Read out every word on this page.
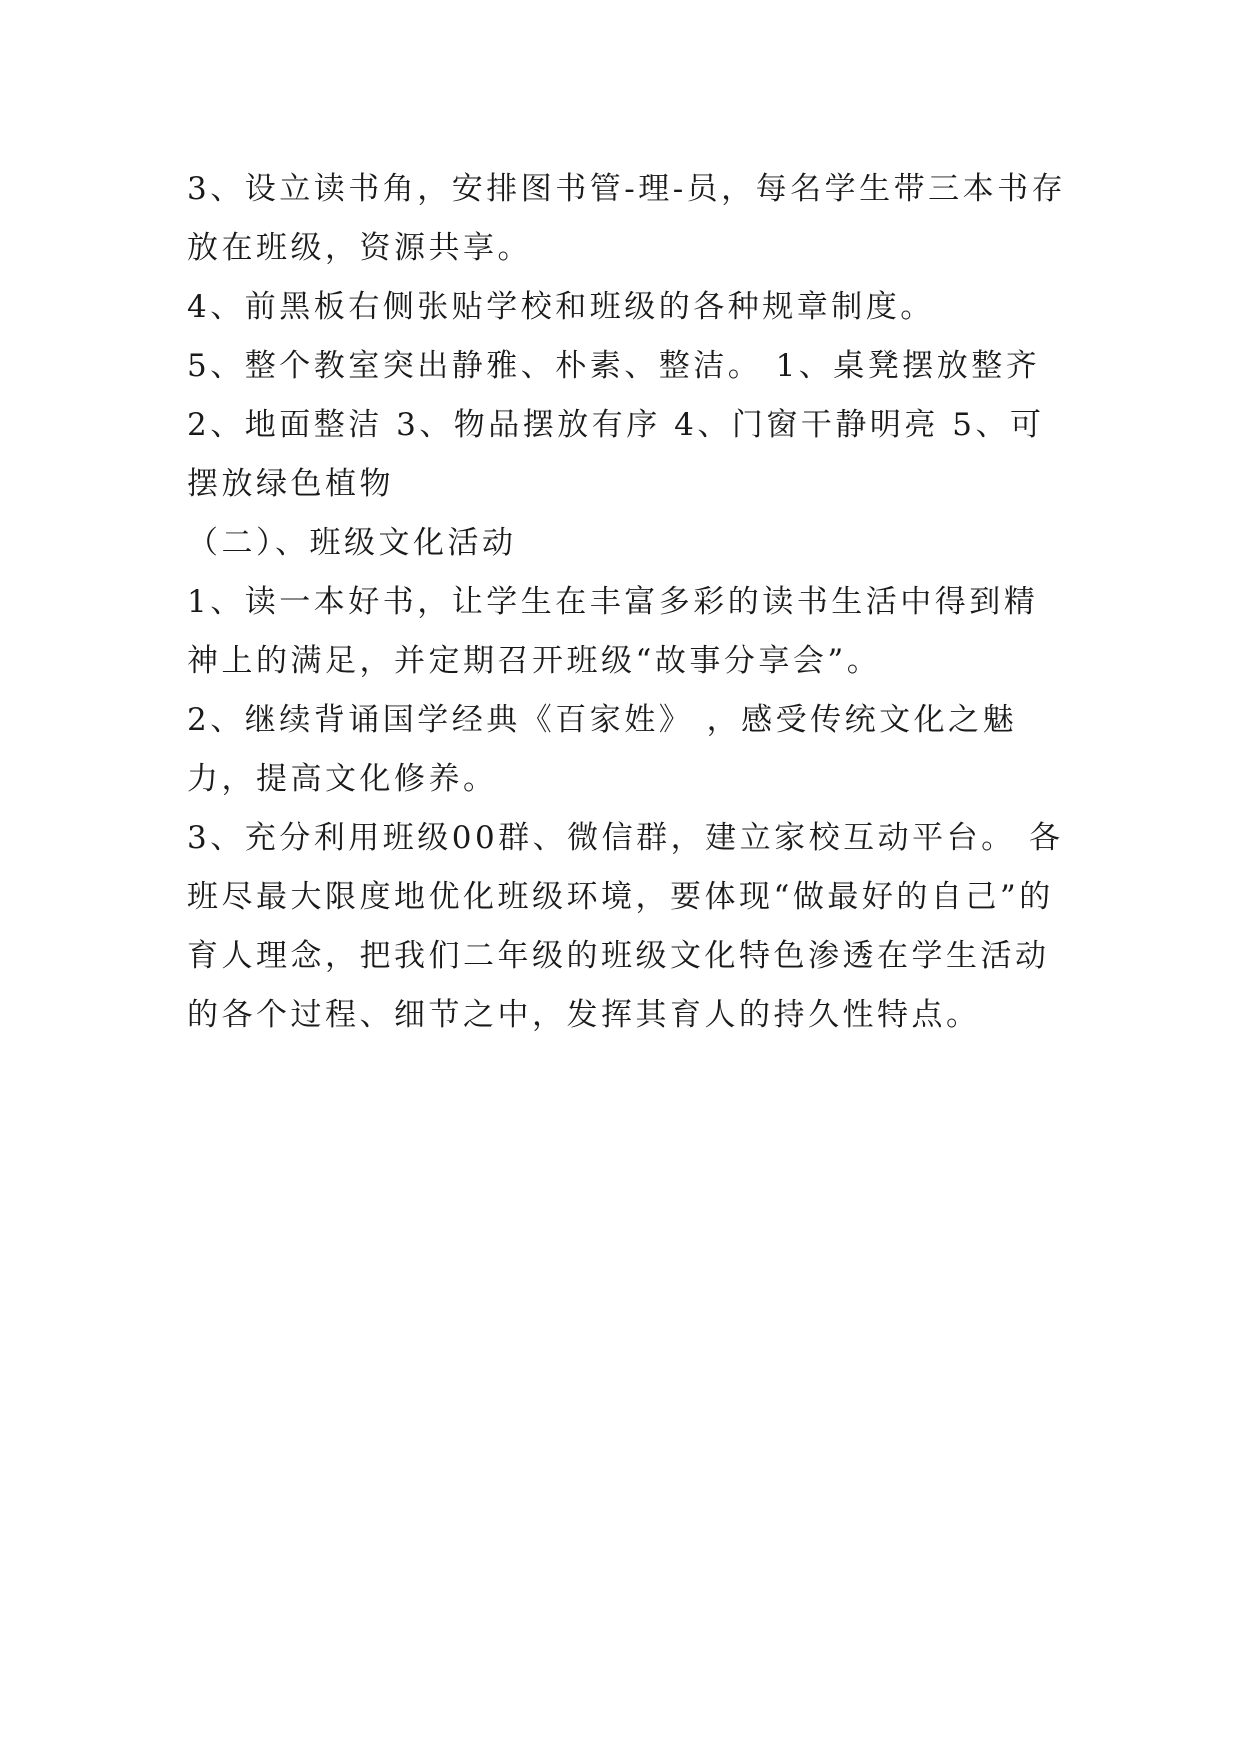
3、设立读书角，安排图书管-理-员，每名学生带三本书存放在班级，资源共享。

4、前黑板右侧张贴学校和班级的各种规章制度。

5、整个教室突出静雅、朴素、整洁。 1、桌凳摆放整齐 2、地面整洁 3、物品摆放有序 4、门窗干静明亮 5、可摆放绿色植物

（二）、班级文化活动

1、读一本好书，让学生在丰富多彩的读书生活中得到精神上的满足，并定期召开班级“故事分享会”。

2、继续背诵国学经典《百家姓》 ，感受传统文化之魅力，提高文化修养。

3、充分利用班级00群、微信群，建立家校互动平台。 各班尽最大限度地优化班级环境，要体现“做最好的自己”的育人理念，把我们二年级的班级文化特色渗透在学生活动的各个过程、细节之中，发挥其育人的持久性特点。
